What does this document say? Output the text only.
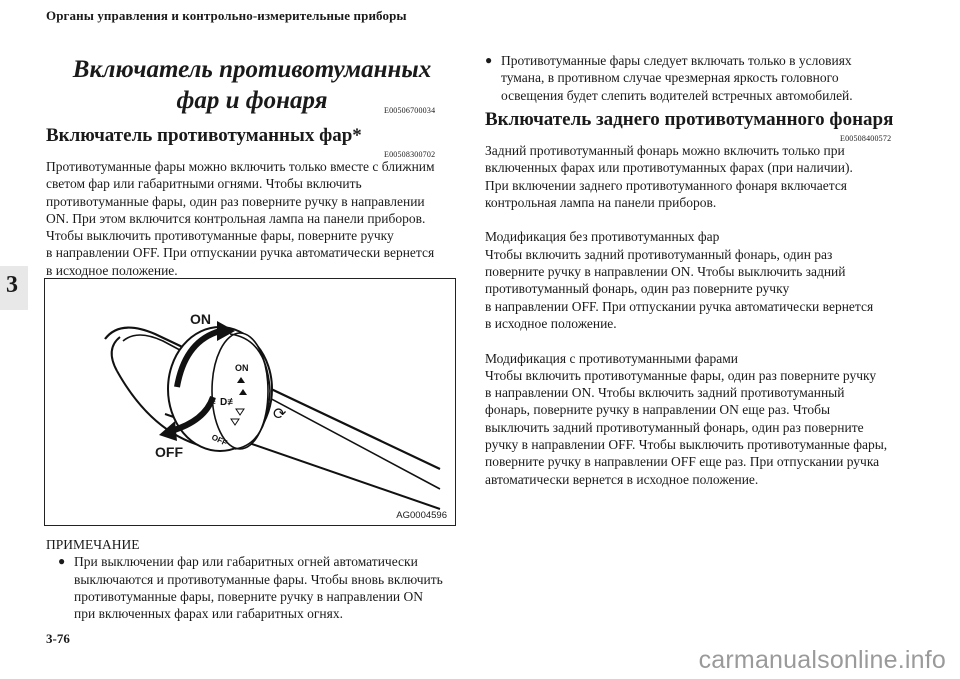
Органы управления и контрольно-измерительные приборы
3
Включатель противотуманных
фар и фонаря	E00506700034
Включатель противотуманных фар*
E00508300702

Противотуманные фары можно включить только вместе с ближним

светом фар или габаритными огнями. Чтобы включить

противотуманные фары, один раз поверните ручку в направлении

ON. При этом включится контрольная лампа на панели приборов.

Чтобы выключить противотуманные фары, поверните ручку

в направлении OFF. При отпускании ручка автоматически вернется

в исходное положение.

ON
≢D≢
OFF
⟳
ON
OFF
AG0004596

ПРИМЕЧАНИЕ

● При выключении фар или габаритных огней автоматически

выключаются и противотуманные фары. Чтобы вновь включить

противотуманные фары, поверните ручку в направлении ON

при включенных фарах или габаритных огнях.

● Противотуманные фары следует включать только в условиях

тумана, в противном случае чрезмерная яркость головного

освещения будет слепить водителей встречных автомобилей.

Включатель заднего противотуманного фонаря
E00508400572

Задний противотуманный фонарь можно включить только при

включенных фарах или противотуманных фарах (при наличии).

При включении заднего противотуманного фонаря включается

контрольная лампа на панели приборов.

Модификация без противотуманных фар

Чтобы включить задний противотуманный фонарь, один раз

поверните ручку в направлении ON. Чтобы выключить задний

противотуманный фонарь, один раз поверните ручку

в направлении OFF. При отпускании ручка автоматически вернется

в исходное положение.

Модификация с противотуманными фарами

Чтобы включить противотуманные фары, один раз поверните ручку

в направлении ON. Чтобы включить задний противотуманный

фонарь, поверните ручку в направлении ON еще раз. Чтобы

выключить задний противотуманный фонарь, один раз поверните

ручку в направлении OFF. Чтобы выключить противотуманные фары,

поверните ручку в направлении OFF еще раз. При отпускании ручка

автоматически вернется в исходное положение.

3-76
carmanualsonline.info
